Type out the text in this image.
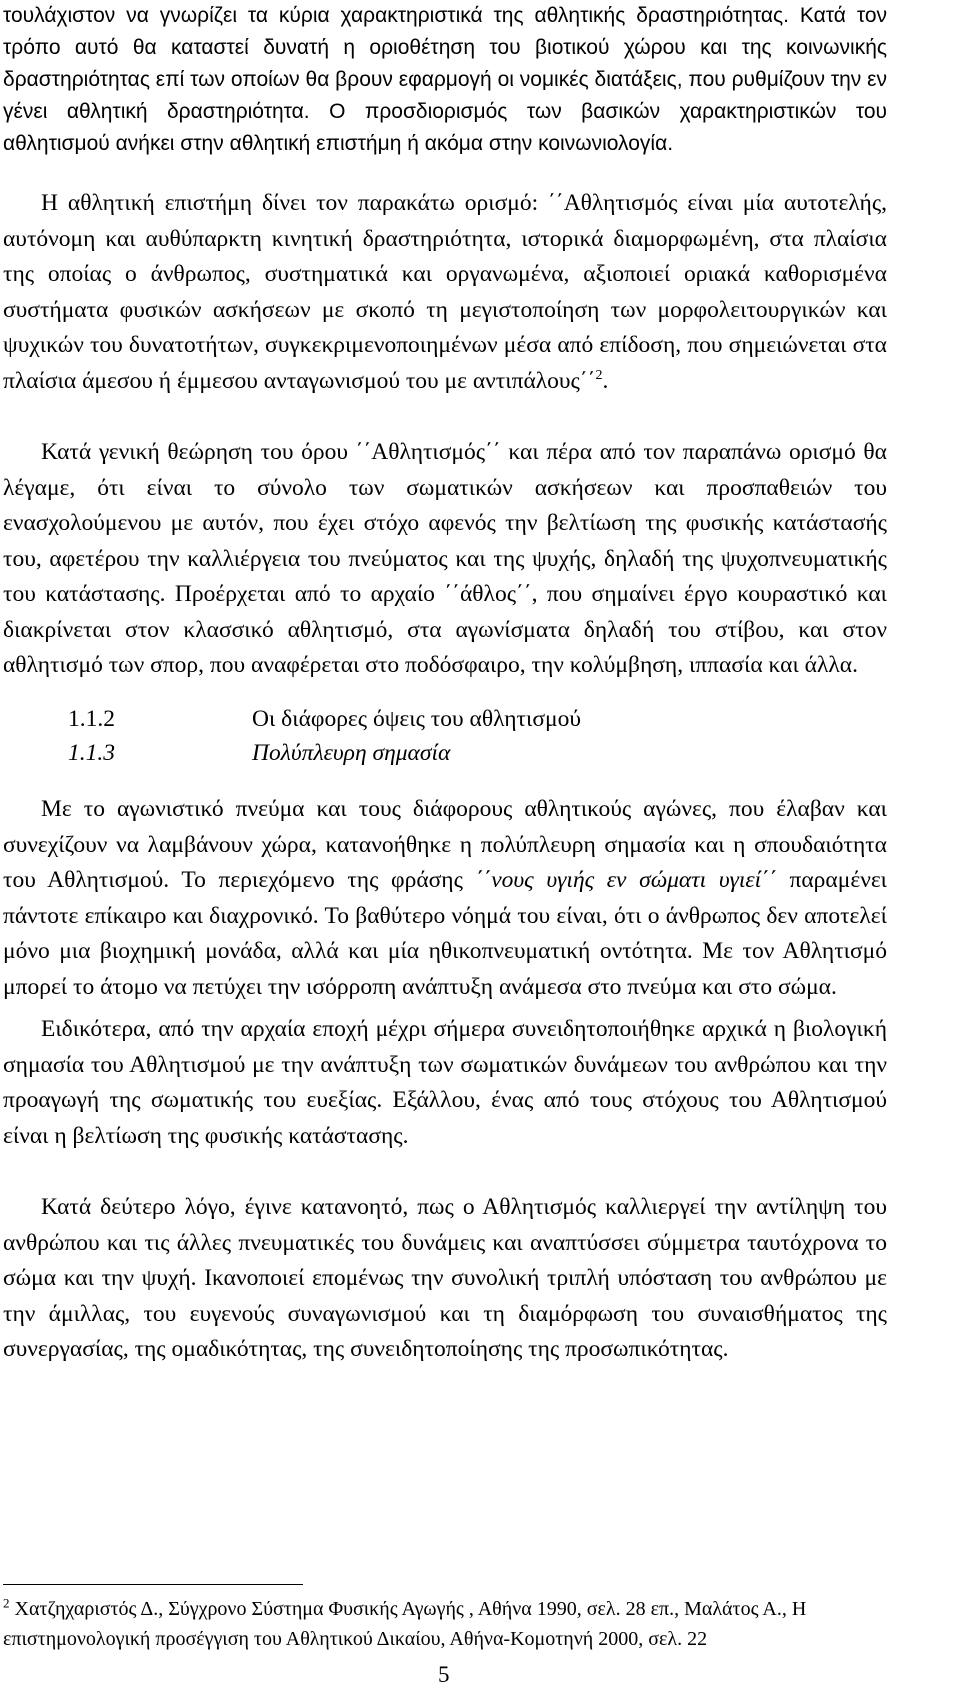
τουλάχιστον να γνωρίζει τα κύρια χαρακτηριστικά της αθλητικής δραστηριότητας. Κατά τον τρόπο αυτό θα καταστεί δυνατή η οριοθέτηση του βιοτικού χώρου και της κοινωνικής δραστηριότητας επί των οποίων θα βρουν εφαρμογή οι νομικές διατάξεις, που ρυθμίζουν την εν γένει αθλητική δραστηριότητα. Ο προσδιορισμός των βασικών χαρακτηριστικών του αθλητισμού ανήκει στην αθλητική επιστήμη ή ακόμα στην κοινωνιολογία.

Η αθλητική επιστήμη δίνει τον παρακάτω ορισμό: ΄΄Αθλητισμός είναι μία αυτοτελής, αυτόνομη και αυθύπαρκτη κινητική δραστηριότητα, ιστορικά διαμορφωμένη, στα πλαίσια της οποίας ο άνθρωπος, συστηματικά και οργανωμένα, αξιοποιεί οριακά καθορισμένα συστήματα φυσικών ασκήσεων με σκοπό τη μεγιστοποίηση των μορφολειτουργικών και ψυχικών του δυνατοτήτων, συγκεκριμενοποιημένων μέσα από επίδοση, που σημειώνεται στα πλαίσια άμεσου ή έμμεσου ανταγωνισμού του με αντιπάλους΄΄$^2$.

Κατά γενική θεώρηση του όρου ΄΄Αθλητισμός΄΄ και πέρα από τον παραπάνω ορισμό θα λέγαμε, ότι είναι το σύνολο των σωματικών ασκήσεων και προσπαθειών του ενασχολούμενου με αυτόν, που έχει στόχο αφενός την βελτίωση της φυσικής κατάστασής του, αφετέρου την καλλιέργεια του πνεύματος και της ψυχής, δηλαδή της ψυχοπνευματικής του κατάστασης. Προέρχεται από το αρχαίο ΄΄άθλος΄΄, που σημαίνει έργο κουραστικό και διακρίνεται στον κλασσικό αθλητισμό, στα αγωνίσματα δηλαδή του στίβου, και στον αθλητισμό των σπορ, που αναφέρεται στο ποδόσφαιρο, την κολύμβηση, ιππασία και άλλα.

1.1.2	Οι διάφορες όψεις του αθλητισμού

1.1.3	Πολύπλευρη σημασία

Με το αγωνιστικό πνεύμα και τους διάφορους αθλητικούς αγώνες, που έλαβαν και συνεχίζουν να λαμβάνουν χώρα, κατανοήθηκε η πολύπλευρη σημασία και η σπουδαιότητα του Αθλητισμού. Το περιεχόμενο της φράσης ΄΄νους υγιής εν σώματι υγιεί΄΄ παραμένει πάντοτε επίκαιρο και διαχρονικό. Το βαθύτερο νόημά του είναι, ότι ο άνθρωπος δεν αποτελεί μόνο μια βιοχημική μονάδα, αλλά και μία ηθικοπνευματική οντότητα. Με τον Αθλητισμό μπορεί το άτομο να πετύχει την ισόρροπη ανάπτυξη ανάμεσα στο πνεύμα και στο σώμα.

Ειδικότερα, από την αρχαία εποχή μέχρι σήμερα συνειδητοποιήθηκε αρχικά η βιολογική σημασία του Αθλητισμού με την ανάπτυξη των σωματικών δυνάμεων του ανθρώπου και την προαγωγή της σωματικής του ευεξίας. Εξάλλου, ένας από τους στόχους του Αθλητισμού είναι η βελτίωση της φυσικής κατάστασης.

Κατά δεύτερο λόγο, έγινε κατανοητό, πως ο Αθλητισμός καλλιεργεί την αντίληψη του ανθρώπου και τις άλλες πνευματικές του δυνάμεις και αναπτύσσει σύμμετρα ταυτόχρονα το σώμα και την ψυχή. Ικανοποιεί επομένως την συνολική τριπλή υπόσταση του ανθρώπου με την άμιλλας, του ευγενούς συναγωνισμού και τη διαμόρφωση του συναισθήματος της συνεργασίας, της ομαδικότητας, της συνειδητοποίησης της προσωπικότητας.

$^2$ Χατζηχαριστός Δ., Σύγχρονο Σύστημα Φυσικής Αγωγής , Αθήνα 1990, σελ. 28 επ., Μαλάτος Α., Η επιστημονολογική προσέγγιση του Αθλητικού Δικαίου, Αθήνα-Κομοτηνή 2000, σελ. 22

5
